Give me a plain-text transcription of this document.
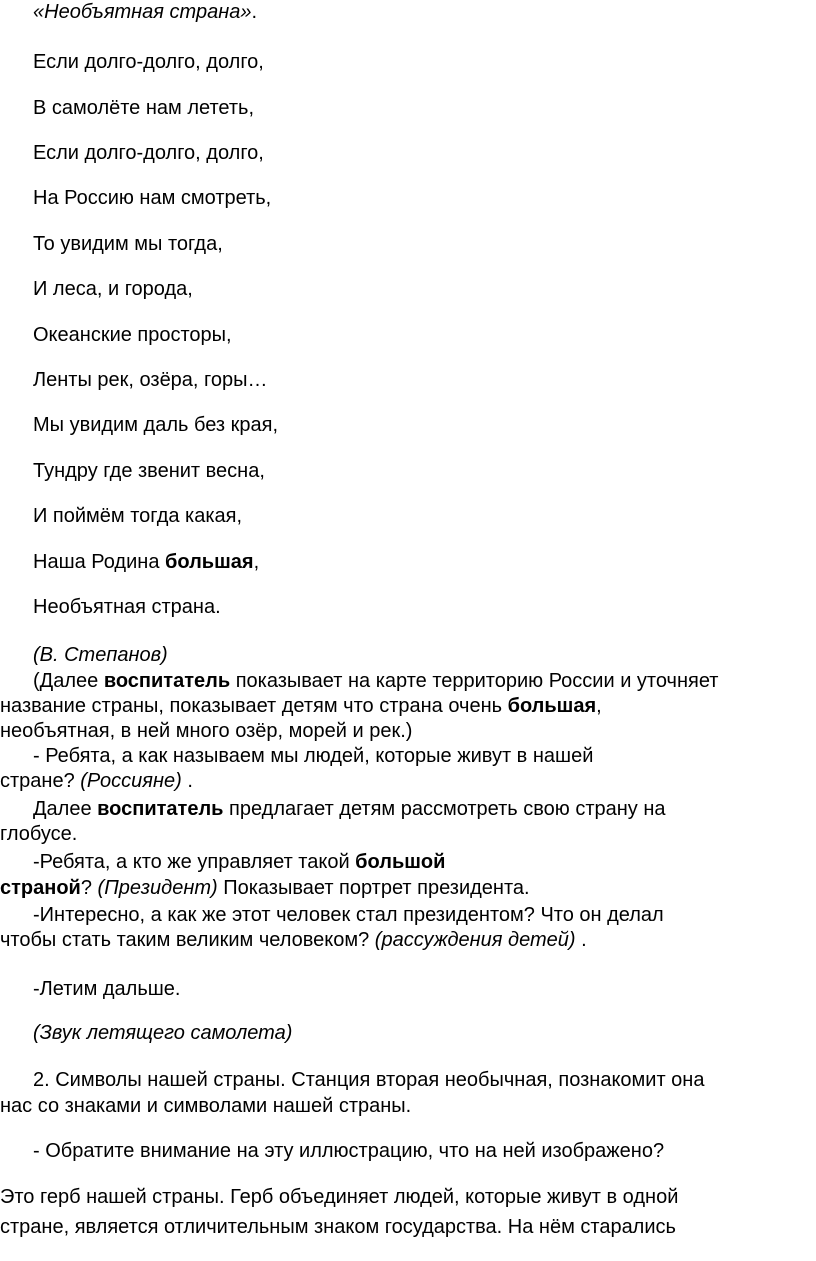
«Необъятная страна».
Если долго-долго, долго,
В самолёте нам лететь,
Если долго-долго, долго,
На Россию нам смотреть,
То увидим мы тогда,
И леса, и города,
Океанские просторы,
Ленты рек, озёра, горы…
Мы увидим даль без края,
Тундру где звенит весна,
И поймём тогда какая,
Наша Родина большая,
Необъятная страна.
(В. Степанов)
(Далее воспитатель показывает на карте территорию России и уточняет
название страны, показывает детям что страна очень большая,
необъятная, в ней много озёр, морей и рек.)
- Ребята, а как называем мы людей, которые живут в нашей
стране? (Россияне) .
Далее воспитатель предлагает детям рассмотреть свою страну на
глобусе.
-Ребята, а кто же управляет такой большой
страной? (Президент) Показывает портрет президента.
-Интересно, а как же этот человек стал президентом? Что он делал
чтобы стать таким великим человеком? (рассуждения детей) .
-Летим дальше.
(Звук летящего самолета)
2. Символы нашей страны. Станция вторая необычная, познакомит она
нас со знаками и символами нашей страны.
- Обратите внимание на эту иллюстрацию, что на ней изображено?
Это герб нашей страны. Герб объединяет людей, которые живут в одной
стране, является отличительным знаком государства. На нём старались
